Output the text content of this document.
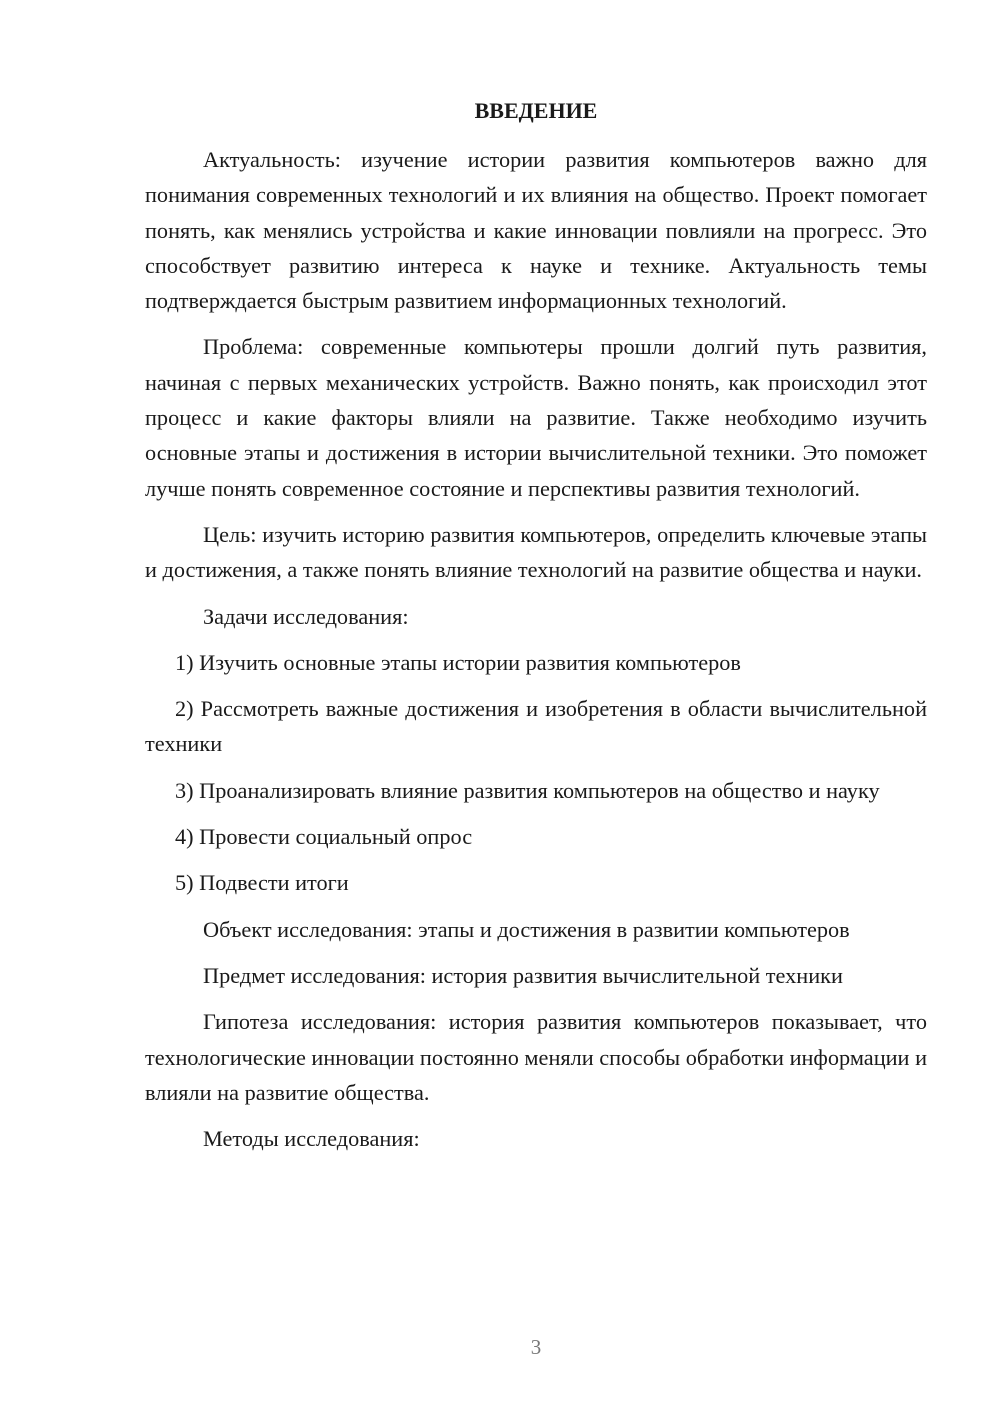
ВВЕДЕНИЕ

Актуальность: изучение истории развития компьютеров важно для понимания современных технологий и их влияния на общество. Проект помогает понять, как менялись устройства и какие инновации повлияли на прогресс. Это способствует развитию интереса к науке и технике. Актуальность темы подтверждается быстрым развитием информационных технологий.

Проблема: современные компьютеры прошли долгий путь развития, начиная с первых механических устройств. Важно понять, как происходил этот процесс и какие факторы влияли на развитие. Также необходимо изучить основные этапы и достижения в истории вычислительной техники. Это поможет лучше понять современное состояние и перспективы развития технологий.

Цель: изучить историю развития компьютеров, определить ключевые этапы и достижения, а также понять влияние технологий на развитие общества и науки.

Задачи исследования:

1) Изучить основные этапы истории развития компьютеров

2) Рассмотреть важные достижения и изобретения в области вычислительной техники

3) Проанализировать влияние развития компьютеров на общество и науку

4) Провести социальный опрос

5) Подвести итоги

Объект исследования: этапы и достижения в развитии компьютеров

Предмет исследования: история развития вычислительной техники

Гипотеза исследования: история развития компьютеров показывает, что технологические инновации постоянно меняли способы обработки информации и влияли на развитие общества.

Методы исследования:

3
